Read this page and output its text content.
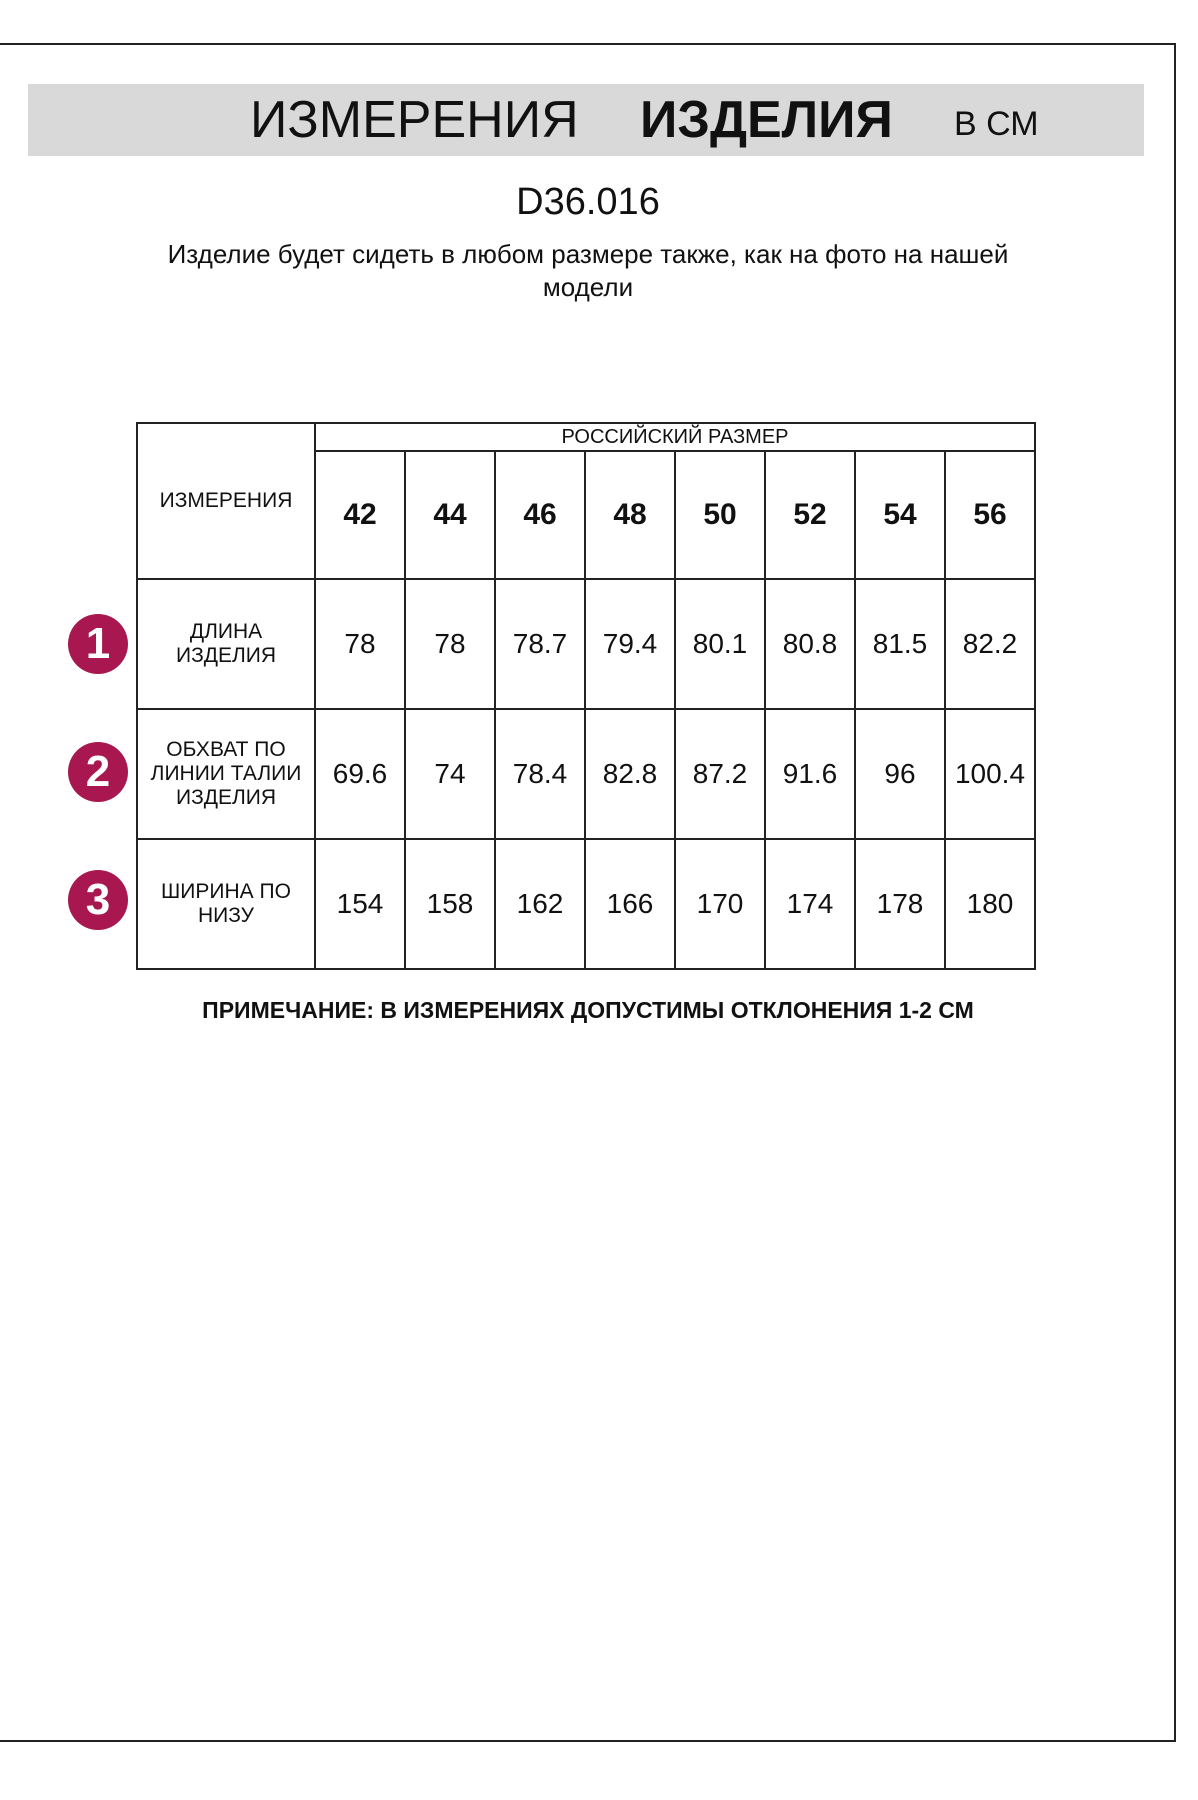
ИЗМЕРЕНИЯ ИЗДЕЛИЯ В СМ
D36.016
Изделие будет сидеть в любом размере также, как на фото на нашей модели
ИЗМЕРЕНИЯ	РОССИЙСКИЙ РАЗМЕР							
	42	44	46	48	50	52	54	56
ДЛИНА ИЗДЕЛИЯ	78	78	78.7	79.4	80.1	80.8	81.5	82.2
ОБХВАТ ПО ЛИНИИ ТАЛИИ ИЗДЕЛИЯ	69.6	74	78.4	82.8	87.2	91.6	96	100.4
ШИРИНА ПО НИЗУ	154	158	162	166	170	174	178	180
1
2
3
ПРИМЕЧАНИЕ: В ИЗМЕРЕНИЯХ ДОПУСТИМЫ ОТКЛОНЕНИЯ 1-2 СМ
